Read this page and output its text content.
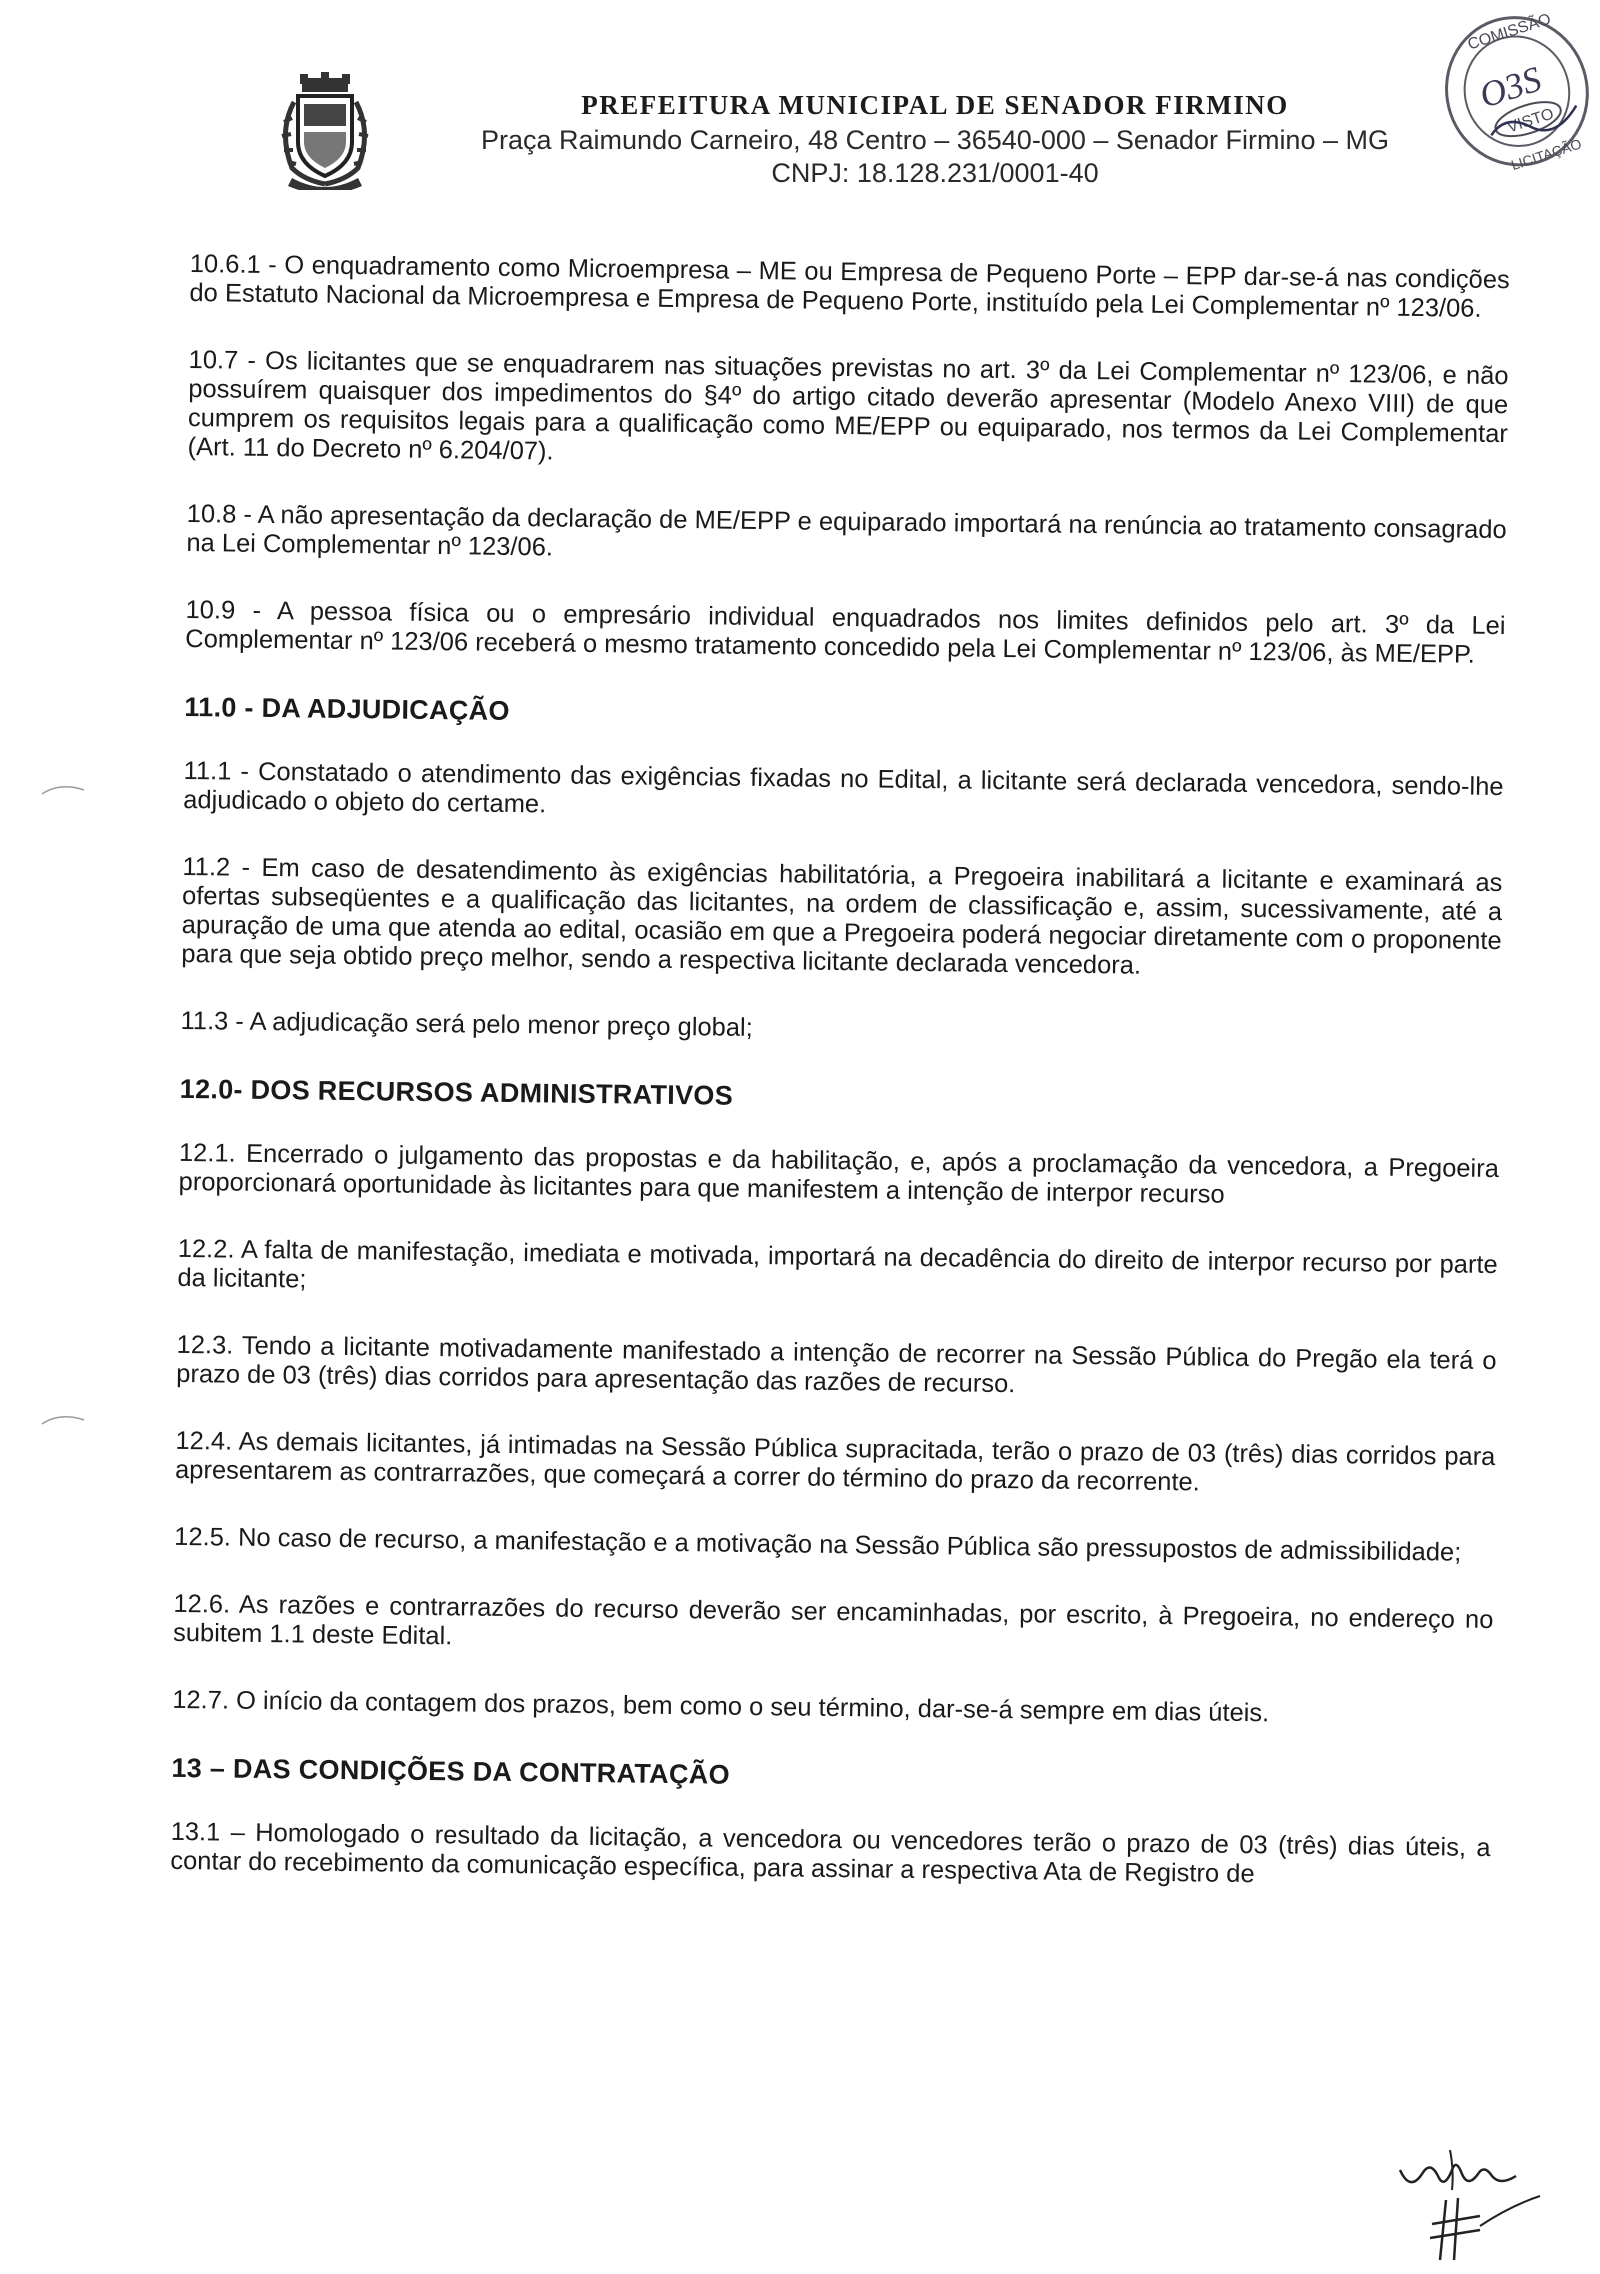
PREFEITURA MUNICIPAL DE SENADOR FIRMINO
Praça Raimundo Carneiro, 48 Centro – 36540-000 – Senador Firmino – MG
CNPJ: 18.128.231/0001-40
COMISSÃO
O3S
VISTO
LICITAÇÃO

10.6.1 - O enquadramento como Microempresa – ME ou Empresa de Pequeno Porte – EPP dar-se-á nas condições do Estatuto Nacional da Microempresa e Empresa de Pequeno Porte, instituído pela Lei Complementar nº 123/06.

10.7 - Os licitantes que se enquadrarem nas situações previstas no art. 3º da Lei Complementar nº 123/06, e não possuírem quaisquer dos impedimentos do §4º do artigo citado deverão apresentar (Modelo Anexo VIII) de que cumprem os requisitos legais para a qualificação como ME/EPP ou equiparado, nos termos da Lei Complementar (Art. 11 do Decreto nº 6.204/07).

10.8 - A não apresentação da declaração de ME/EPP e equiparado importará na renúncia ao tratamento consagrado na Lei Complementar nº 123/06.

10.9 - A pessoa física ou o empresário individual enquadrados nos limites definidos pelo art. 3º da Lei Complementar nº 123/06 receberá o mesmo tratamento concedido pela Lei Complementar nº 123/06, às ME/EPP.

11.0 - DA ADJUDICAÇÃO

11.1 - Constatado o atendimento das exigências fixadas no Edital, a licitante será declarada vencedora, sendo-lhe adjudicado o objeto do certame.

11.2 - Em caso de desatendimento às exigências habilitatória, a Pregoeira inabilitará a licitante e examinará as ofertas subseqüentes e a qualificação das licitantes, na ordem de classificação e, assim, sucessivamente, até a apuração de uma que atenda ao edital, ocasião em que a Pregoeira poderá negociar diretamente com o proponente para que seja obtido preço melhor, sendo a respectiva licitante declarada vencedora.

11.3 - A adjudicação será pelo menor preço global;

12.0- DOS RECURSOS ADMINISTRATIVOS

12.1. Encerrado o julgamento das propostas e da habilitação, e, após a proclamação da vencedora, a Pregoeira proporcionará oportunidade às licitantes para que manifestem a intenção de interpor recurso

12.2. A falta de manifestação, imediata e motivada, importará na decadência do direito de interpor recurso por parte da licitante;

12.3. Tendo a licitante motivadamente manifestado a intenção de recorrer na Sessão Pública do Pregão ela terá o prazo de 03 (três) dias corridos para apresentação das razões de recurso.

12.4. As demais licitantes, já intimadas na Sessão Pública supracitada, terão o prazo de 03 (três) dias corridos para apresentarem as contrarrazões, que começará a correr do término do prazo da recorrente.

12.5. No caso de recurso, a manifestação e a motivação na Sessão Pública são pressupostos de admissibilidade;

12.6. As razões e contrarrazões do recurso deverão ser encaminhadas, por escrito, à Pregoeira, no endereço no subitem 1.1 deste Edital.

12.7. O início da contagem dos prazos, bem como o seu término, dar-se-á sempre em dias úteis.

13 – DAS CONDIÇÕES DA CONTRATAÇÃO

13.1 – Homologado o resultado da licitação, a vencedora ou vencedores terão o prazo de 03 (três) dias úteis, a contar do recebimento da comunicação específica, para assinar a respectiva Ata de Registro de
